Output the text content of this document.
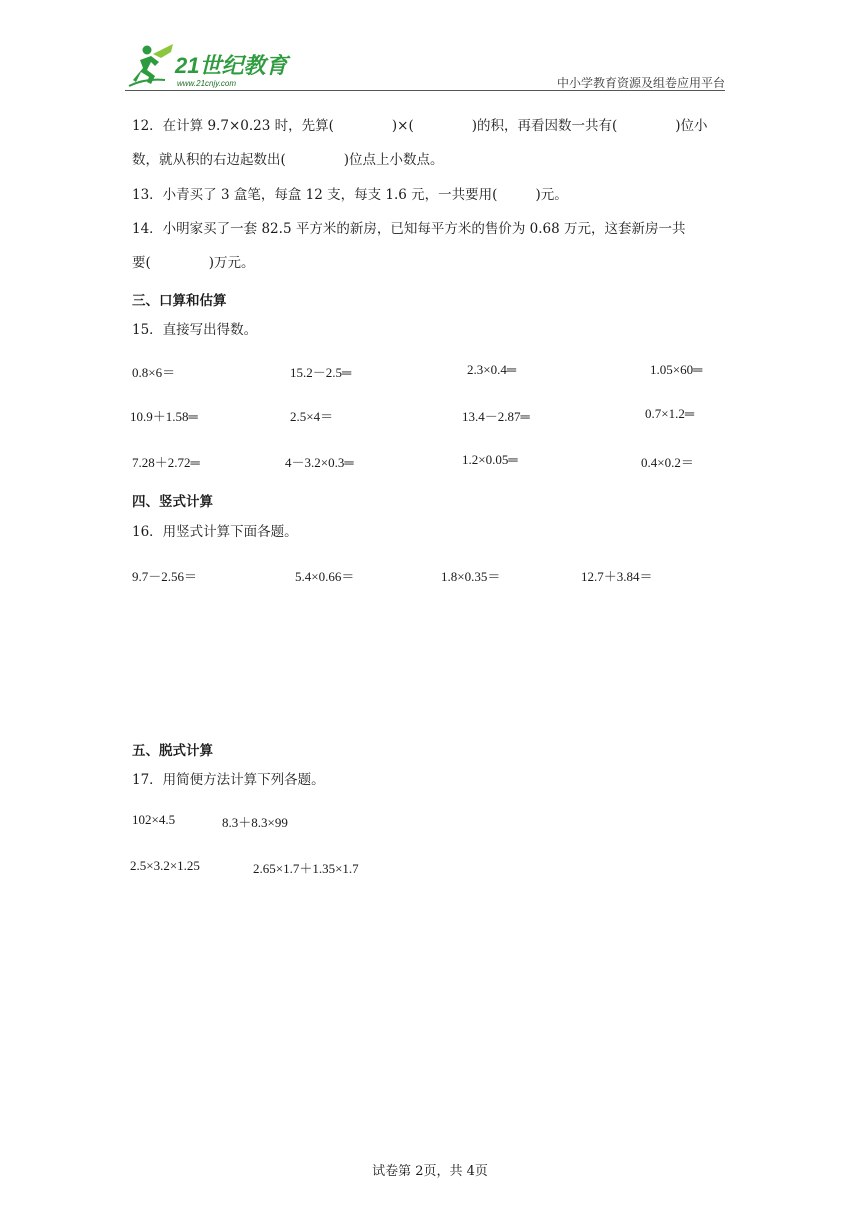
21世纪教育
www.21cnjy.com	中小学教育资源及组卷应用平台
12．在计算 9.7×0.23 时，先算(	)×(	)的积，再看因数一共有(	)位小
数，就从积的右边起数出(	)位点上小数点。
13．小青买了 3 盒笔，每盒 12 支，每支 1.6 元，一共要用(	)元。
14．小明家买了一套 82.5 平方米的新房，已知每平方米的售价为 0.68 万元，这套新房一共
要(	)万元。
三、口算和估算
15．直接写出得数。
0.8×6＝	15.2－2.5═	2.3×0.4═	1.05×60═
10.9＋1.58═	2.5×4＝	13.4－2.87═	0.7×1.2═
7.28＋2.72═	4－3.2×0.3═	1.2×0.05═	0.4×0.2＝
四、竖式计算
16．用竖式计算下面各题。
9.7－2.56＝	5.4×0.66＝	1.8×0.35＝	12.7＋3.84＝
五、脱式计算
17．用简便方法计算下列各题。
102×4.5	8.3＋8.3×99
2.5×3.2×1.25	2.65×1.7＋1.35×1.7
试卷第 2页，共 4页
